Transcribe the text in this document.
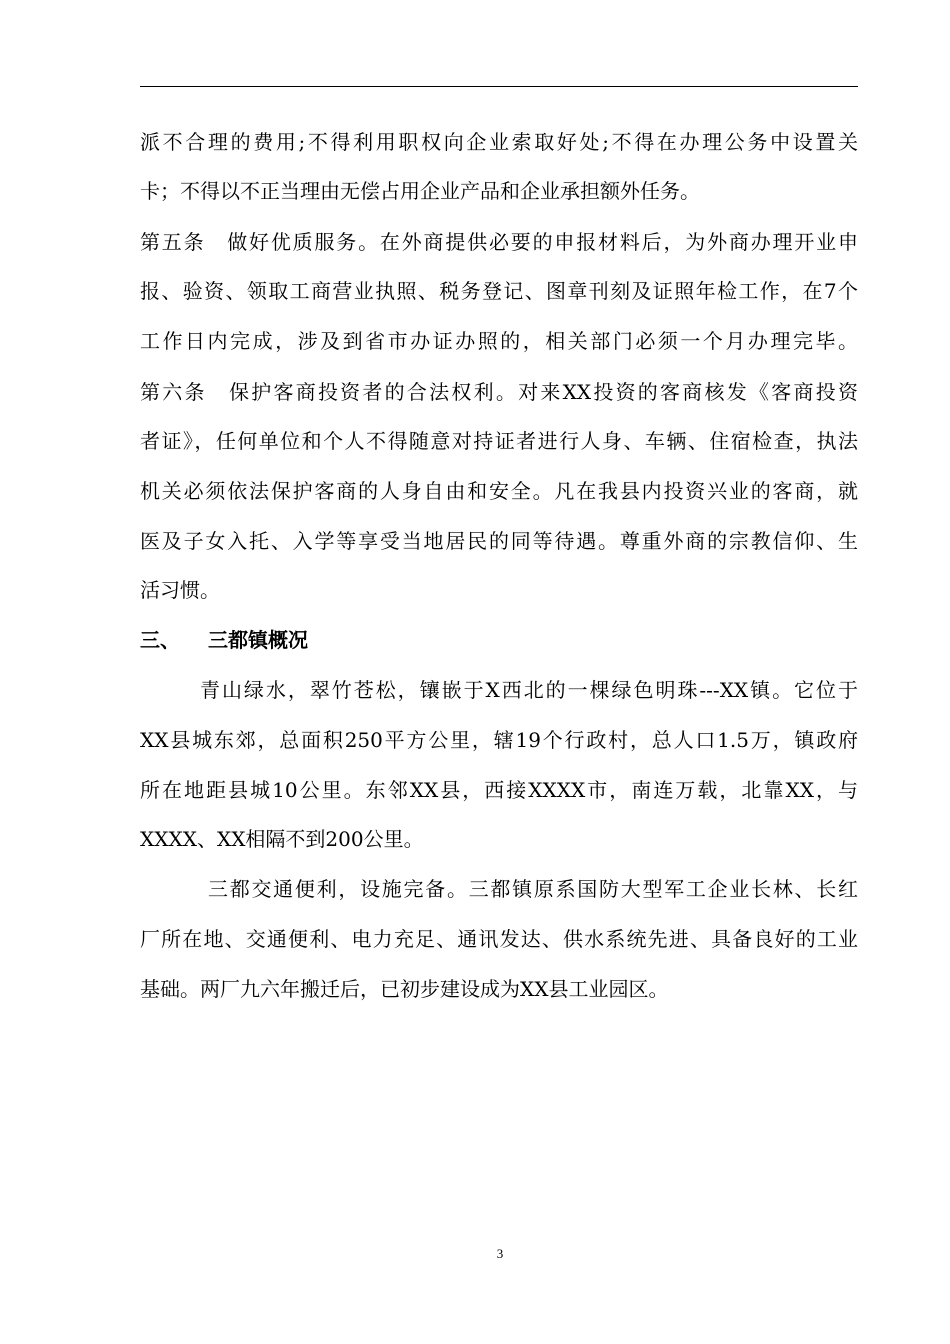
派不合理的费用;不得利用职权向企业索取好处;不得在办理公务中设置关
卡；不得以不正当理由无偿占用企业产品和企业承担额外任务。
第五条　做好优质服务。在外商提供必要的申报材料后，为外商办理开业申
报、验资、领取工商营业执照、税务登记、图章刊刻及证照年检工作，在7个
工作日内完成，涉及到省市办证办照的，相关部门必须一个月办理完毕。
第六条　保护客商投资者的合法权利。对来XX投资的客商核发《客商投资
者证》，任何单位和个人不得随意对持证者进行人身、车辆、住宿检查，执法
机关必须依法保护客商的人身自由和安全。凡在我县内投资兴业的客商，就
医及子女入托、入学等享受当地居民的同等待遇。尊重外商的宗教信仰、生
活习惯。
三、 三都镇概况
青山绿水，翠竹苍松，镶嵌于X西北的一棵绿色明珠---XX镇。它位于
XX县城东郊，总面积250平方公里，辖19个行政村，总人口1.5万，镇政府
所在地距县城10公里。东邻XX县，西接XXXX市，南连万载，北靠XX，与
XXXX、XX相隔不到200公里。
三都交通便利，设施完备。三都镇原系国防大型军工企业长林、长红
厂所在地、交通便利、电力充足、通讯发达、供水系统先进、具备良好的工业
基础。两厂九六年搬迁后，已初步建设成为XX县工业园区。
3
